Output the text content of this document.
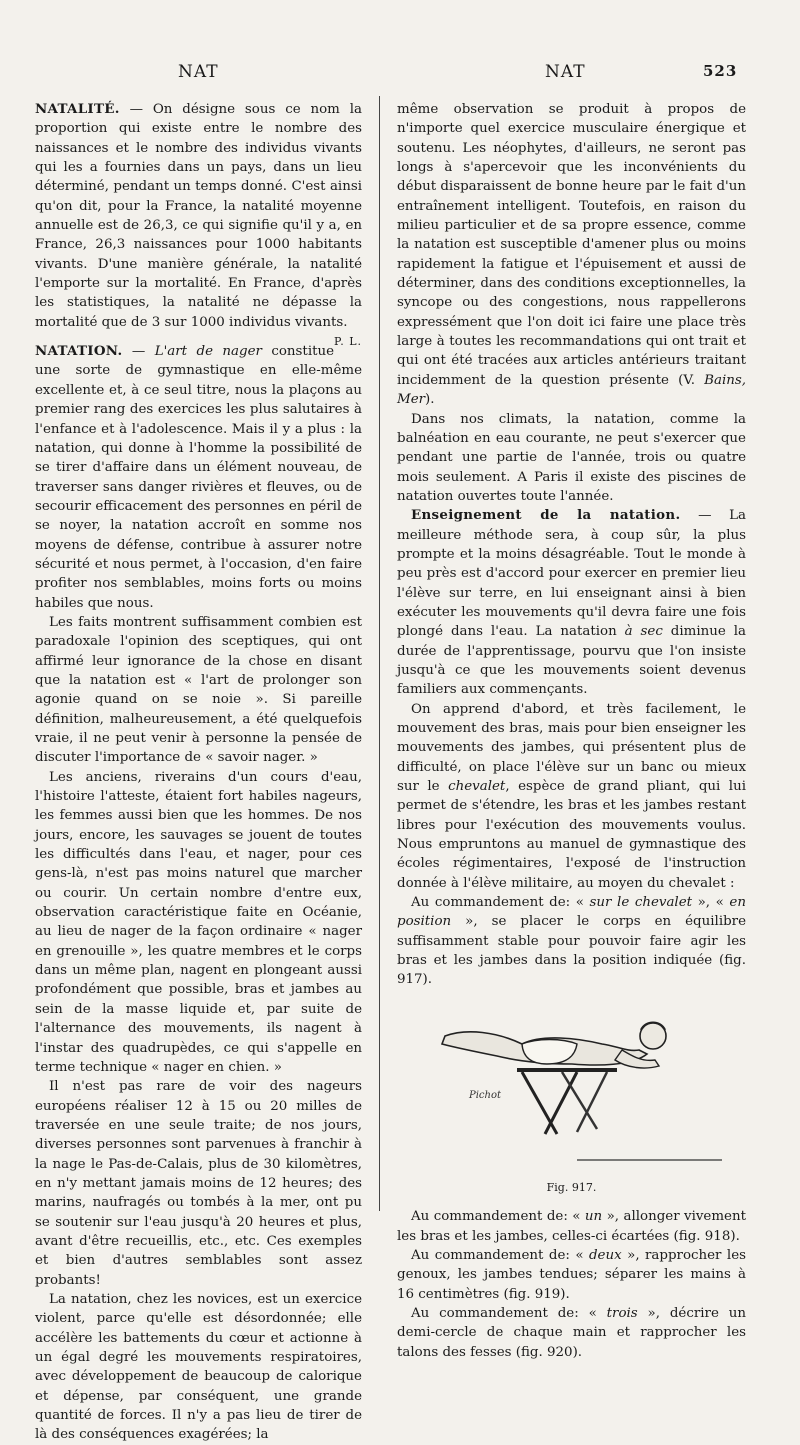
NAT	NAT	523

NATALITÉ. — On désigne sous ce nom la proportion qui existe entre le nombre des naissances et le nombre des individus vivants qui les a fournies dans un pays, dans un lieu déterminé, pendant un temps donné. C'est ainsi qu'on dit, pour la France, la natalité moyenne annuelle est de 26,3, ce qui signifie qu'il y a, en France, 26,3 naissances pour 1000 habitants vivants. D'une manière générale, la natalité l'emporte sur la mortalité. En France, d'après les statistiques, la natalité ne dépasse la mortalité que de 3 sur 1000 individus vivants.
P. L.

NATATION. — L'art de nager constitue une sorte de gymnastique en elle-même excellente et, à ce seul titre, nous la plaçons au premier rang des exercices les plus salutaires à l'enfance et à l'adolescence. Mais il y a plus : la natation, qui donne à l'homme la possibilité de se tirer d'affaire dans un élément nouveau, de traverser sans danger rivières et fleuves, ou de secourir efficacement des personnes en péril de se noyer, la natation accroît en somme nos moyens de défense, contribue à assurer notre sécurité et nous permet, à l'occasion, d'en faire profiter nos semblables, moins forts ou moins habiles que nous.

Les faits montrent suffisamment combien est paradoxale l'opinion des sceptiques, qui ont affirmé leur ignorance de la chose en disant que la natation est « l'art de prolonger son agonie quand on se noie ». Si pareille définition, malheureusement, a été quelquefois vraie, il ne peut venir à personne la pensée de discuter l'importance de « savoir nager. »

Les anciens, riverains d'un cours d'eau, l'histoire l'atteste, étaient fort habiles nageurs, les femmes aussi bien que les hommes. De nos jours, encore, les sauvages se jouent de toutes les difficultés dans l'eau, et nager, pour ces gens-là, n'est pas moins naturel que marcher ou courir. Un certain nombre d'entre eux, observation caractéristique faite en Océanie, au lieu de nager de la façon ordinaire « nager en grenouille », les quatre membres et le corps dans un même plan, nagent en plongeant aussi profondément que possible, bras et jambes au sein de la masse liquide et, par suite de l'alternance des mouvements, ils nagent à l'instar des quadrupèdes, ce qui s'appelle en terme technique « nager en chien. »

Il n'est pas rare de voir des nageurs européens réaliser 12 à 15 ou 20 milles de traversée en une seule traite; de nos jours, diverses personnes sont parvenues à franchir à la nage le Pas-de-Calais, plus de 30 kilomètres, en n'y mettant jamais moins de 12 heures; des marins, naufragés ou tombés à la mer, ont pu se soutenir sur l'eau jusqu'à 20 heures et plus, avant d'être recueillis, etc., etc. Ces exemples et bien d'autres semblables sont assez probants!

La natation, chez les novices, est un exercice violent, parce qu'elle est désordonnée; elle accélère les battements du cœur et actionne à un égal degré les mouvements respiratoires, avec développement de beaucoup de calorique et dépense, par conséquent, une grande quantité de forces. Il n'y a pas lieu de tirer de là des conséquences exagérées; la

même observation se produit à propos de n'importe quel exercice musculaire énergique et soutenu. Les néophytes, d'ailleurs, ne seront pas longs à s'apercevoir que les inconvénients du début disparaissent de bonne heure par le fait d'un entraînement intelligent. Toutefois, en raison du milieu particulier et de sa propre essence, comme la natation est susceptible d'amener plus ou moins rapidement la fatigue et l'épuisement et aussi de déterminer, dans des conditions exceptionnelles, la syncope ou des congestions, nous rappellerons expressément que l'on doit ici faire une place très large à toutes les recommandations qui ont trait et qui ont été tracées aux articles antérieurs traitant incidemment de la question présente (V. Bains, Mer).

Dans nos climats, la natation, comme la balnéation en eau courante, ne peut s'exercer que pendant une partie de l'année, trois ou quatre mois seulement. A Paris il existe des piscines de natation ouvertes toute l'année.

Enseignement de la natation. — La meilleure méthode sera, à coup sûr, la plus prompte et la moins désagréable. Tout le monde à peu près est d'accord pour exercer en premier lieu l'élève sur terre, en lui enseignant ainsi à bien exécuter les mouvements qu'il devra faire une fois plongé dans l'eau. La natation à sec diminue la durée de l'apprentissage, pourvu que l'on insiste jusqu'à ce que les mouvements soient devenus familiers aux commençants.

On apprend d'abord, et très facilement, le mouvement des bras, mais pour bien enseigner les mouvements des jambes, qui présentent plus de difficulté, on place l'élève sur un banc ou mieux sur le chevalet, espèce de grand pliant, qui lui permet de s'étendre, les bras et les jambes restant libres pour l'exécution des mouvements voulus. Nous empruntons au manuel de gymnastique des écoles régimentaires, l'exposé de l'instruction donnée à l'élève militaire, au moyen du chevalet :

Au commandement de: « sur le chevalet », « en position », se placer le corps en équilibre suffisamment stable pour pouvoir faire agir les bras et les jambes dans la position indiquée (fig. 917).

Pichot
Fig. 917.

Au commandement de: « un », allonger vivement les bras et les jambes, celles-ci écartées (fig. 918).

Au commandement de: « deux », rapprocher les genoux, les jambes tendues; séparer les mains à 16 centimètres (fig. 919).

Au commandement de: « trois », décrire un demi-cercle de chaque main et rapprocher les talons des fesses (fig. 920).
